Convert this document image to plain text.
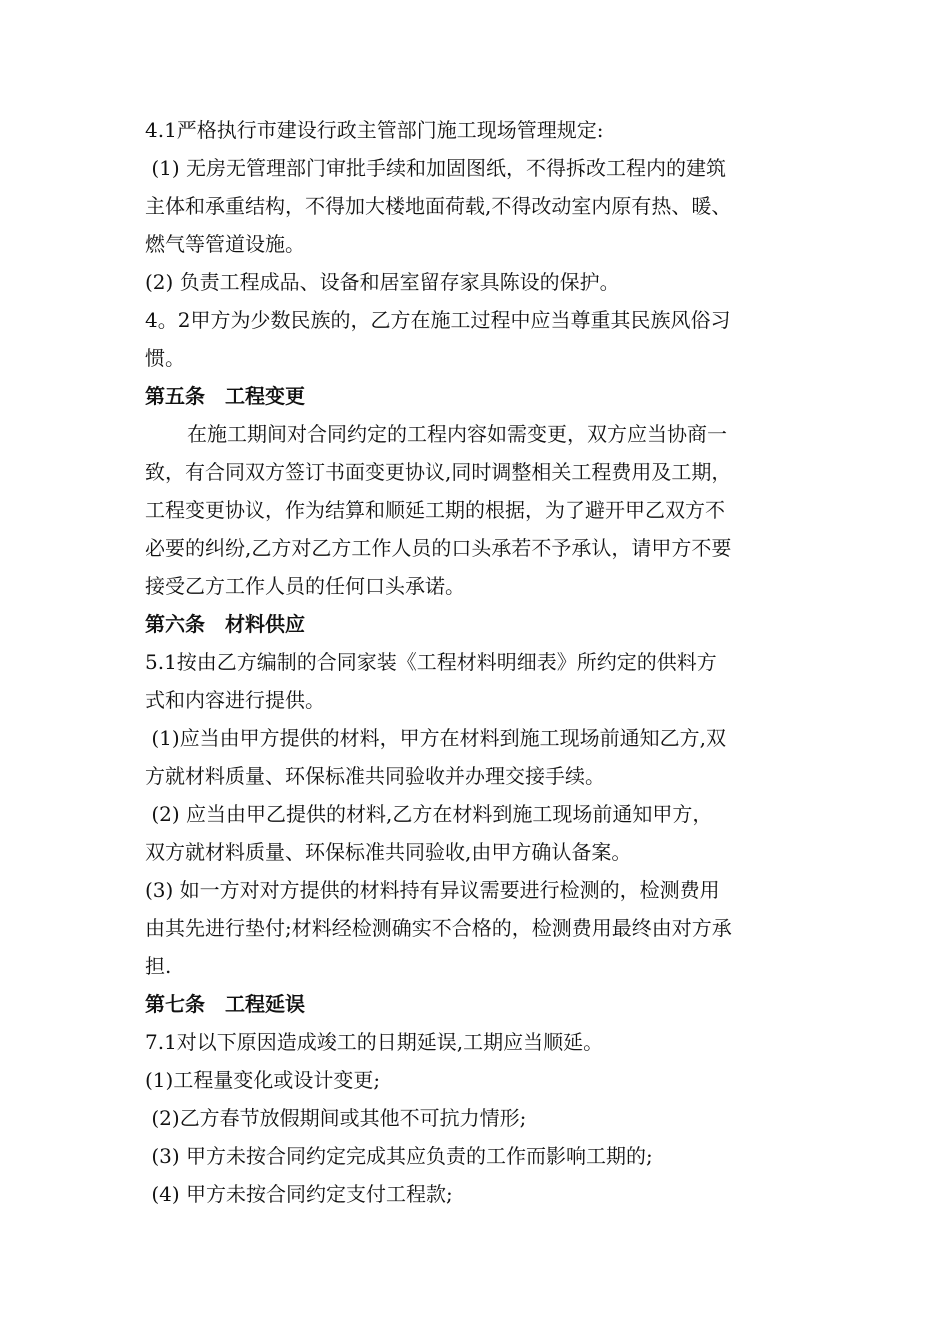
4.1严格执行市建设行政主管部门施工现场管理规定:
(1) 无房无管理部门审批手续和加固图纸，不得拆改工程内的建筑
主体和承重结构，不得加大楼地面荷载,不得改动室内原有热、暖、
燃气等管道设施。
(2) 负责工程成品、设备和居室留存家具陈设的保护。
4。2甲方为少数民族的，乙方在施工过程中应当尊重其民族风俗习
惯。
第五条　工程变更
在施工期间对合同约定的工程内容如需变更，双方应当协商一
致，有合同双方签订书面变更协议,同时调整相关工程费用及工期，
工程变更协议，作为结算和顺延工期的根据，为了避开甲乙双方不
必要的纠纷,乙方对乙方工作人员的口头承若不予承认，请甲方不要
接受乙方工作人员的任何口头承诺。
第六条　材料供应
5.1按由乙方编制的合同家装《工程材料明细表》所约定的供料方
式和内容进行提供。
(1)应当由甲方提供的材料，甲方在材料到施工现场前通知乙方,双
方就材料质量、环保标准共同验收并办理交接手续。
(2) 应当由甲乙提供的材料,乙方在材料到施工现场前通知甲方，
双方就材料质量、环保标准共同验收,由甲方确认备案。
(3) 如一方对对方提供的材料持有异议需要进行检测的，检测费用
由其先进行垫付;材料经检测确实不合格的，检测费用最终由对方承
担.
第七条　工程延误
7.1对以下原因造成竣工的日期延误,工期应当顺延。
(1)工程量变化或设计变更;
(2)乙方春节放假期间或其他不可抗力情形;
(3) 甲方未按合同约定完成其应负责的工作而影响工期的;
(4) 甲方未按合同约定支付工程款;
